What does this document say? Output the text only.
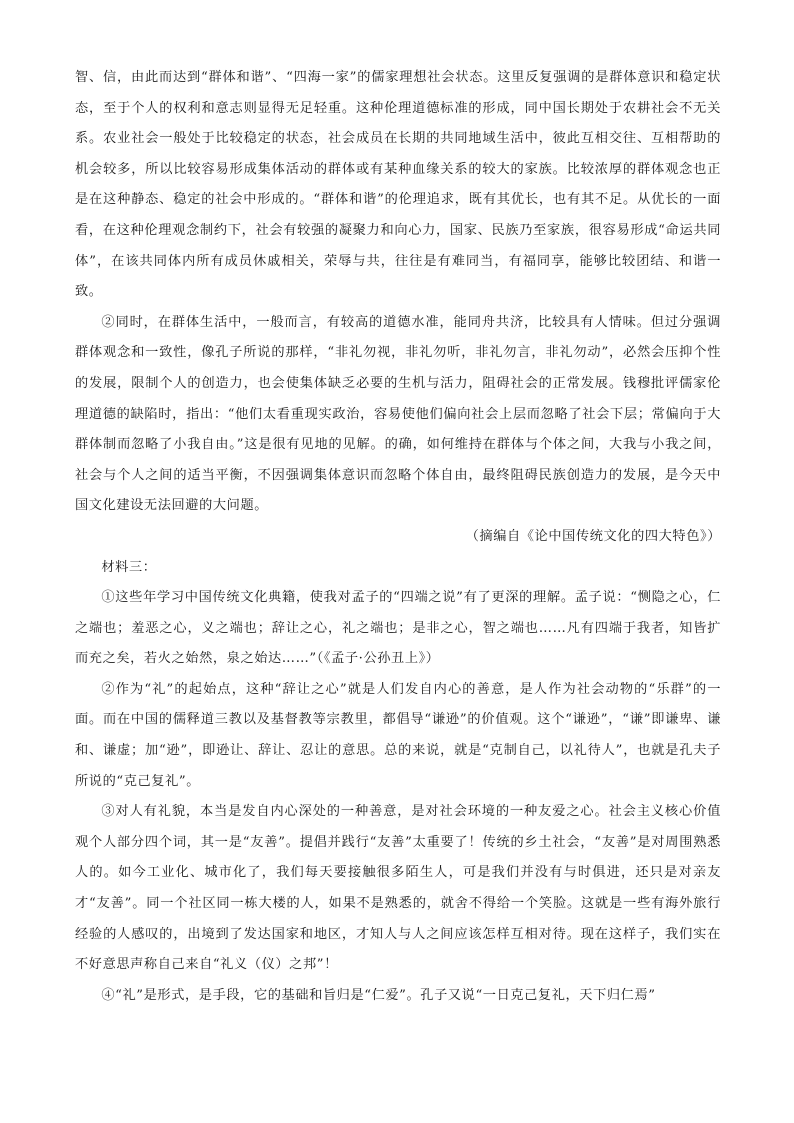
智、信，由此而达到“群体和谐”、“四海一家”的儒家理想社会状态。这里反复强调的是群体意识和稳定状态，至于个人的权利和意志则显得无足轻重。这种伦理道德标准的形成，同中国长期处于农耕社会不无关系。农业社会一般处于比较稳定的状态，社会成员在长期的共同地域生活中，彼此互相交往、互相帮助的机会较多，所以比较容易形成集体活动的群体或有某种血缘关系的较大的家族。比较浓厚的群体观念也正是在这种静态、稳定的社会中形成的。“群体和谐”的伦理追求，既有其优长，也有其不足。从优长的一面看，在这种伦理观念制约下，社会有较强的凝聚力和向心力，国家、民族乃至家族，很容易形成“命运共同体”，在该共同体内所有成员休戚相关，荣辱与共，往往是有难同当，有福同享，能够比较团结、和谐一致。

②同时，在群体生活中，一般而言，有较高的道德水准，能同舟共济，比较具有人情味。但过分强调群体观念和一致性，像孔子所说的那样，“非礼勿视，非礼勿听，非礼勿言，非礼勿动”，必然会压抑个性的发展，限制个人的创造力，也会使集体缺乏必要的生机与活力，阻碍社会的正常发展。钱穆批评儒家伦理道德的缺陷时，指出：“他们太看重现实政治，容易使他们偏向社会上层而忽略了社会下层；常偏向于大群体制而忽略了小我自由。”这是很有见地的见解。的确，如何维持在群体与个体之间，大我与小我之间，社会与个人之间的适当平衡，不因强调集体意识而忽略个体自由，最终阻碍民族创造力的发展，是今天中国文化建设无法回避的大问题。

（摘编自《论中国传统文化的四大特色》）

材料三：

①这些年学习中国传统文化典籍，使我对孟子的“四端之说”有了更深的理解。孟子说：“恻隐之心，仁之端也；羞恶之心，义之端也；辞让之心，礼之端也；是非之心，智之端也……凡有四端于我者，知皆扩而充之矣，若火之始然，泉之始达……”（《孟子·公孙丑上》）

②作为“礼”的起始点，这种“辞让之心”就是人们发自内心的善意，是人作为社会动物的“乐群”的一面。而在中国的儒释道三教以及基督教等宗教里，都倡导“谦逊”的价值观。这个“谦逊”，“谦”即谦卑、谦和、谦虚；加“逊”，即逊让、辞让、忍让的意思。总的来说，就是“克制自己，以礼待人”，也就是孔夫子所说的“克己复礼”。

③对人有礼貌，本当是发自内心深处的一种善意，是对社会环境的一种友爱之心。社会主义核心价值观个人部分四个词，其一是“友善”。提倡并践行“友善”太重要了！传统的乡土社会，“友善”是对周围熟悉人的。如今工业化、城市化了，我们每天要接触很多陌生人，可是我们并没有与时俱进，还只是对亲友才“友善”。同一个社区同一栋大楼的人，如果不是熟悉的，就舍不得给一个笑脸。这就是一些有海外旅行经验的人感叹的，出境到了发达国家和地区，才知人与人之间应该怎样互相对待。现在这样子，我们实在不好意思声称自己来自“礼义（仪）之邦”！

④“礼”是形式，是手段，它的基础和旨归是“仁爱”。孔子又说“一日克己复礼，天下归仁焉”
